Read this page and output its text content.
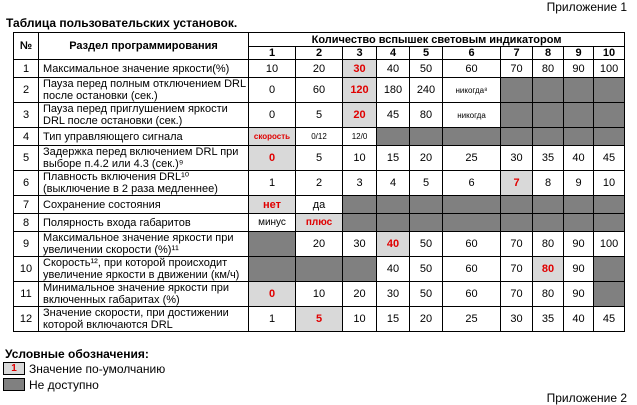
Приложение 1
Таблица пользовательских установок.
№	Раздел программирования	Количество вспышек световым индикатором									
		1	2	3	4	5	6	7	8	9	10
1	Максимальное значение яркости(%)	10	20	30	40	50	60	70	80	90	100
2	Пауза перед полным отключением DRL после остановки (сек.)	0	60	120	180	240	никогда⁸				
3	Пауза перед приглушением яркости DRL после остановки (сек.)	0	5	20	45	80	никогда				
4	Тип управляющего сигнала	скорость	0/12	12/0							
5	Задержка перед включением DRL при выборе п.4.2 или 4.3 (сек.)⁹	0	5	10	15	20	25	30	35	40	45
6	Плавность включения DRL¹⁰ (выключение в 2 раза медленнее)	1	2	3	4	5	6	7	8	9	10
7	Сохранение состояния	нет	да								
8	Полярность входа габаритов	минус	плюс								
9	Максимальное значение яркости при увеличении скорости (%)¹¹		20	30	40	50	60	70	80	90	100
10	Скорость¹², при которой происходит увеличение яркости в движении (км/ч)				40	50	60	70	80	90	
11	Минимальное значение яркости при включенных габаритах (%)	0	10	20	30	50	60	70	80	90	
12	Значение скорости, при достижении которой включаются DRL	1	5	10	15	20	25	30	35	40	45
Условные обозначения:
1	Значение по-умолчанию
Не доступно
Приложение 2
